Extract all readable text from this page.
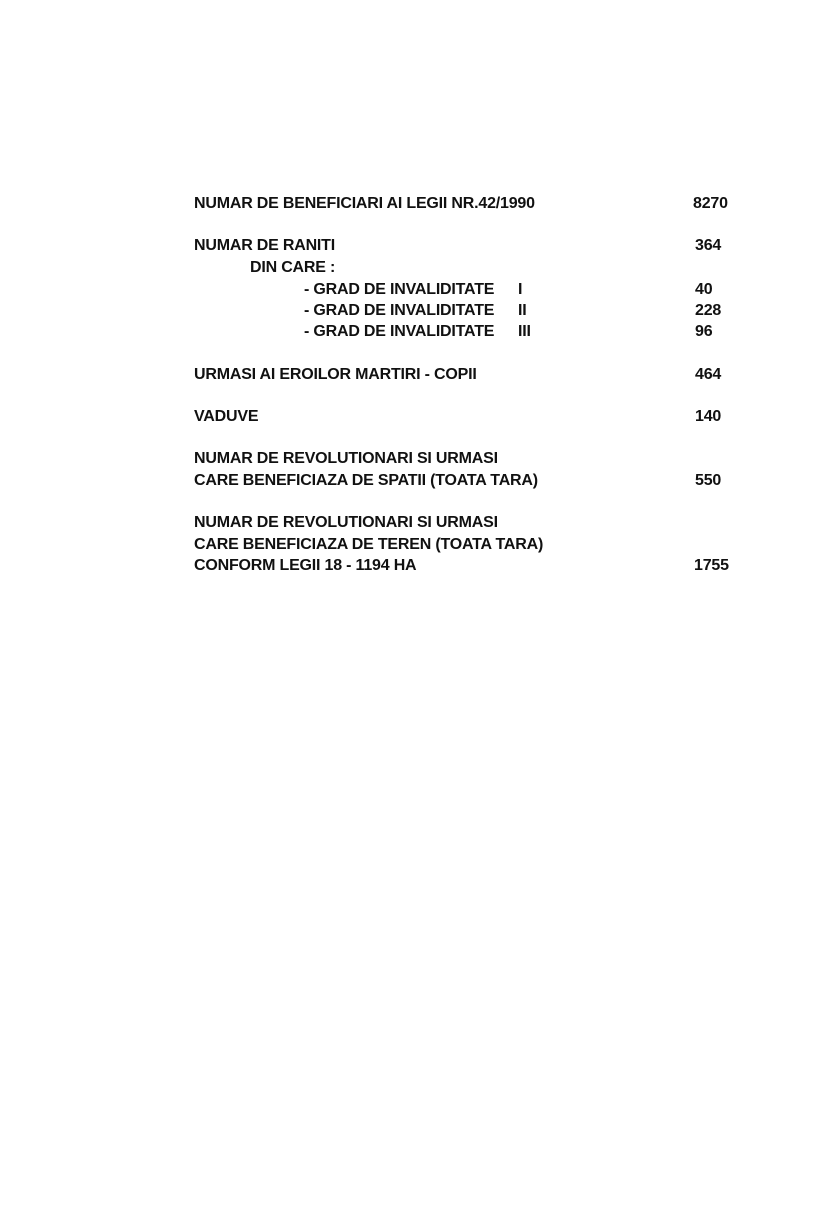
NUMAR DE BENEFICIARI AI LEGII NR.42/1990	8270
NUMAR DE RANITI	364
DIN CARE :
- GRAD DE INVALIDITATE I	40
- GRAD DE INVALIDITATE II	228
- GRAD DE INVALIDITATE III	96
URMASI AI EROILOR MARTIRI - COPII	464
VADUVE	140
NUMAR DE REVOLUTIONARI SI URMASI
CARE BENEFICIAZA DE SPATII (TOATA TARA)	550
NUMAR DE REVOLUTIONARI SI URMASI
CARE BENEFICIAZA DE TEREN (TOATA TARA)
CONFORM LEGII 18 - 1194 HA	1755
